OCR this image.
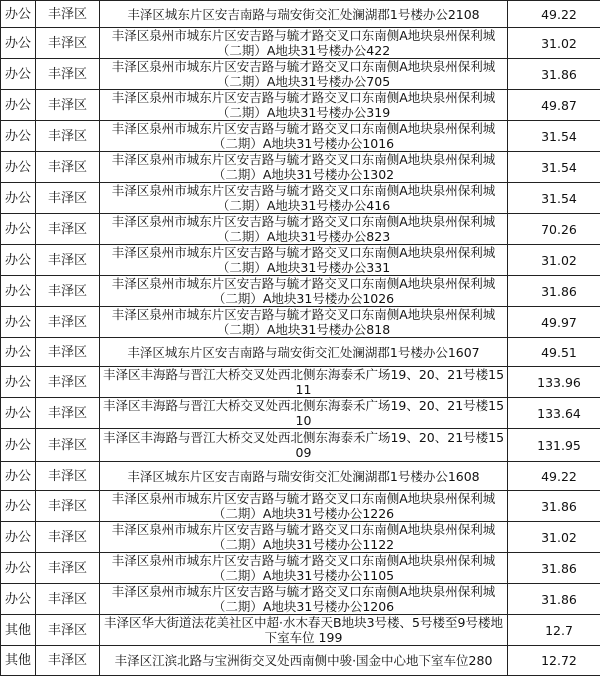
办公	丰泽区	丰泽区城东片区安吉南路与瑞安街交汇处澜湖郡1号楼办公2108	49.22
办公	丰泽区	丰泽区泉州市城东片区安吉路与毓才路交叉口东南侧A地块泉州保利城（二期）A地块31号楼办公422	31.02
办公	丰泽区	丰泽区泉州市城东片区安吉路与毓才路交叉口东南侧A地块泉州保利城（二期）A地块31号楼办公705	31.86
办公	丰泽区	丰泽区泉州市城东片区安吉路与毓才路交叉口东南侧A地块泉州保利城（二期）A地块31号楼办公319	49.87
办公	丰泽区	丰泽区泉州市城东片区安吉路与毓才路交叉口东南侧A地块泉州保利城（二期）A地块31号楼办公1016	31.54
办公	丰泽区	丰泽区泉州市城东片区安吉路与毓才路交叉口东南侧A地块泉州保利城（二期）A地块31号楼办公1302	31.54
办公	丰泽区	丰泽区泉州市城东片区安吉路与毓才路交叉口东南侧A地块泉州保利城（二期）A地块31号楼办公416	31.54
办公	丰泽区	丰泽区泉州市城东片区安吉路与毓才路交叉口东南侧A地块泉州保利城（二期）A地块31号楼办公823	70.26
办公	丰泽区	丰泽区泉州市城东片区安吉路与毓才路交叉口东南侧A地块泉州保利城（二期）A地块31号楼办公331	31.02
办公	丰泽区	丰泽区泉州市城东片区安吉路与毓才路交叉口东南侧A地块泉州保利城（二期）A地块31号楼办公1026	31.86
办公	丰泽区	丰泽区泉州市城东片区安吉路与毓才路交叉口东南侧A地块泉州保利城（二期）A地块31号楼办公818	49.97
办公	丰泽区	丰泽区城东片区安吉南路与瑞安街交汇处澜湖郡1号楼办公1607	49.51
办公	丰泽区	丰泽区丰海路与晋江大桥交叉处西北侧东海泰禾广场19、20、21号楼1511	133.96
办公	丰泽区	丰泽区丰海路与晋江大桥交叉处西北侧东海泰禾广场19、20、21号楼1510	133.64
办公	丰泽区	丰泽区丰海路与晋江大桥交叉处西北侧东海泰禾广场19、20、21号楼1509	131.95
办公	丰泽区	丰泽区城东片区安吉南路与瑞安街交汇处澜湖郡1号楼办公1608	49.22
办公	丰泽区	丰泽区泉州市城东片区安吉路与毓才路交叉口东南侧A地块泉州保利城（二期）A地块31号楼办公1226	31.86
办公	丰泽区	丰泽区泉州市城东片区安吉路与毓才路交叉口东南侧A地块泉州保利城（二期）A地块31号楼办公1122	31.02
办公	丰泽区	丰泽区泉州市城东片区安吉路与毓才路交叉口东南侧A地块泉州保利城（二期）A地块31号楼办公1105	31.86
办公	丰泽区	丰泽区泉州市城东片区安吉路与毓才路交叉口东南侧A地块泉州保利城（二期）A地块31号楼办公1206	31.86
其他	丰泽区	丰泽区华大街道法花美社区中超·水木春天B地块3号楼、5号楼至9号楼地下室车位 199	12.7
其他	丰泽区	丰泽区江滨北路与宝洲街交叉处西南侧中骏·国金中心地下室车位280	12.72
